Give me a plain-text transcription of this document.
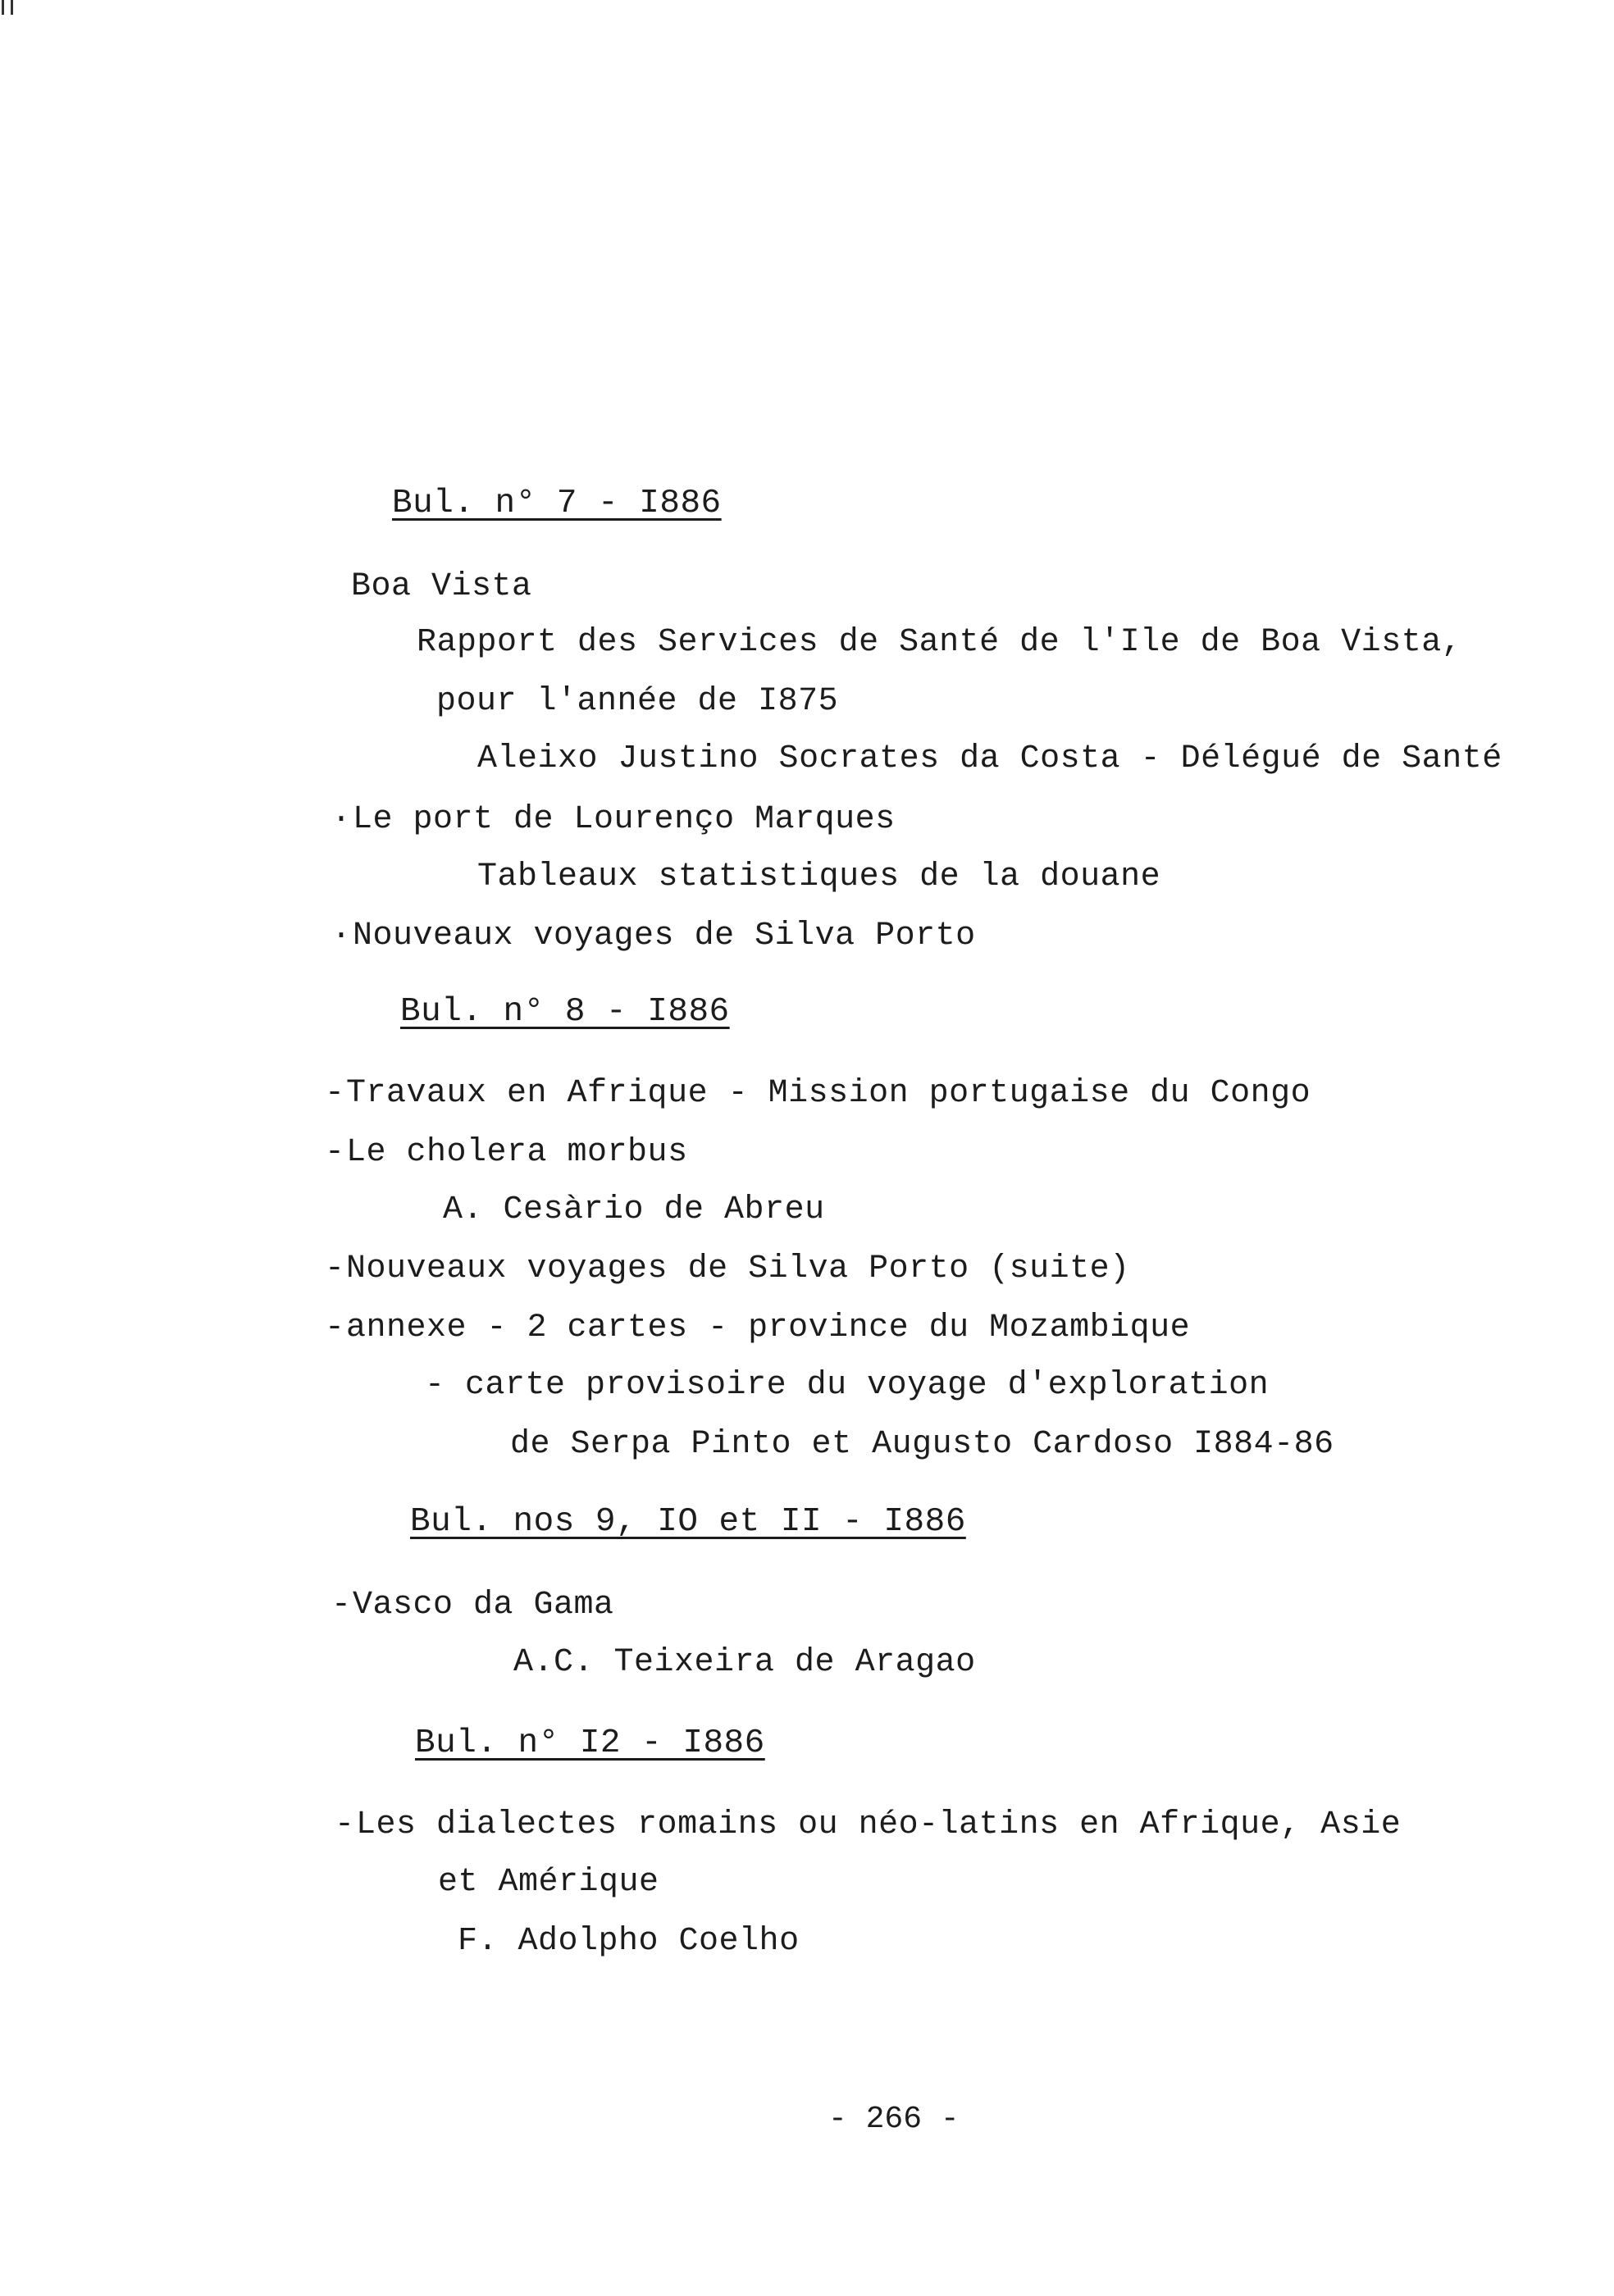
Bul. n° 7 - I886
Boa Vista
Rapport des Services de Santé de l'Ile de Boa Vista,
pour l'année de I875
Aleixo Justino Socrates da Costa - Délégué de Santé
·Le port de Lourenço Marques
Tableaux statistiques de la douane
·Nouveaux voyages de Silva Porto
Bul. n° 8 - I886
-Travaux en Afrique - Mission portugaise du Congo
-Le cholera morbus
A. Cesàrio de Abreu
-Nouveaux voyages de Silva Porto (suite)
-annexe - 2 cartes - province du Mozambique
- carte provisoire du voyage d'exploration
de Serpa Pinto et Augusto Cardoso I884-86
Bul. nos 9, IO et II - I886
-Vasco da Gama
A.C. Teixeira de Aragao
Bul. n° I2 - I886
-Les dialectes romains ou néo-latins en Afrique, Asie
et Amérique
F. Adolpho Coelho
- 266 -
